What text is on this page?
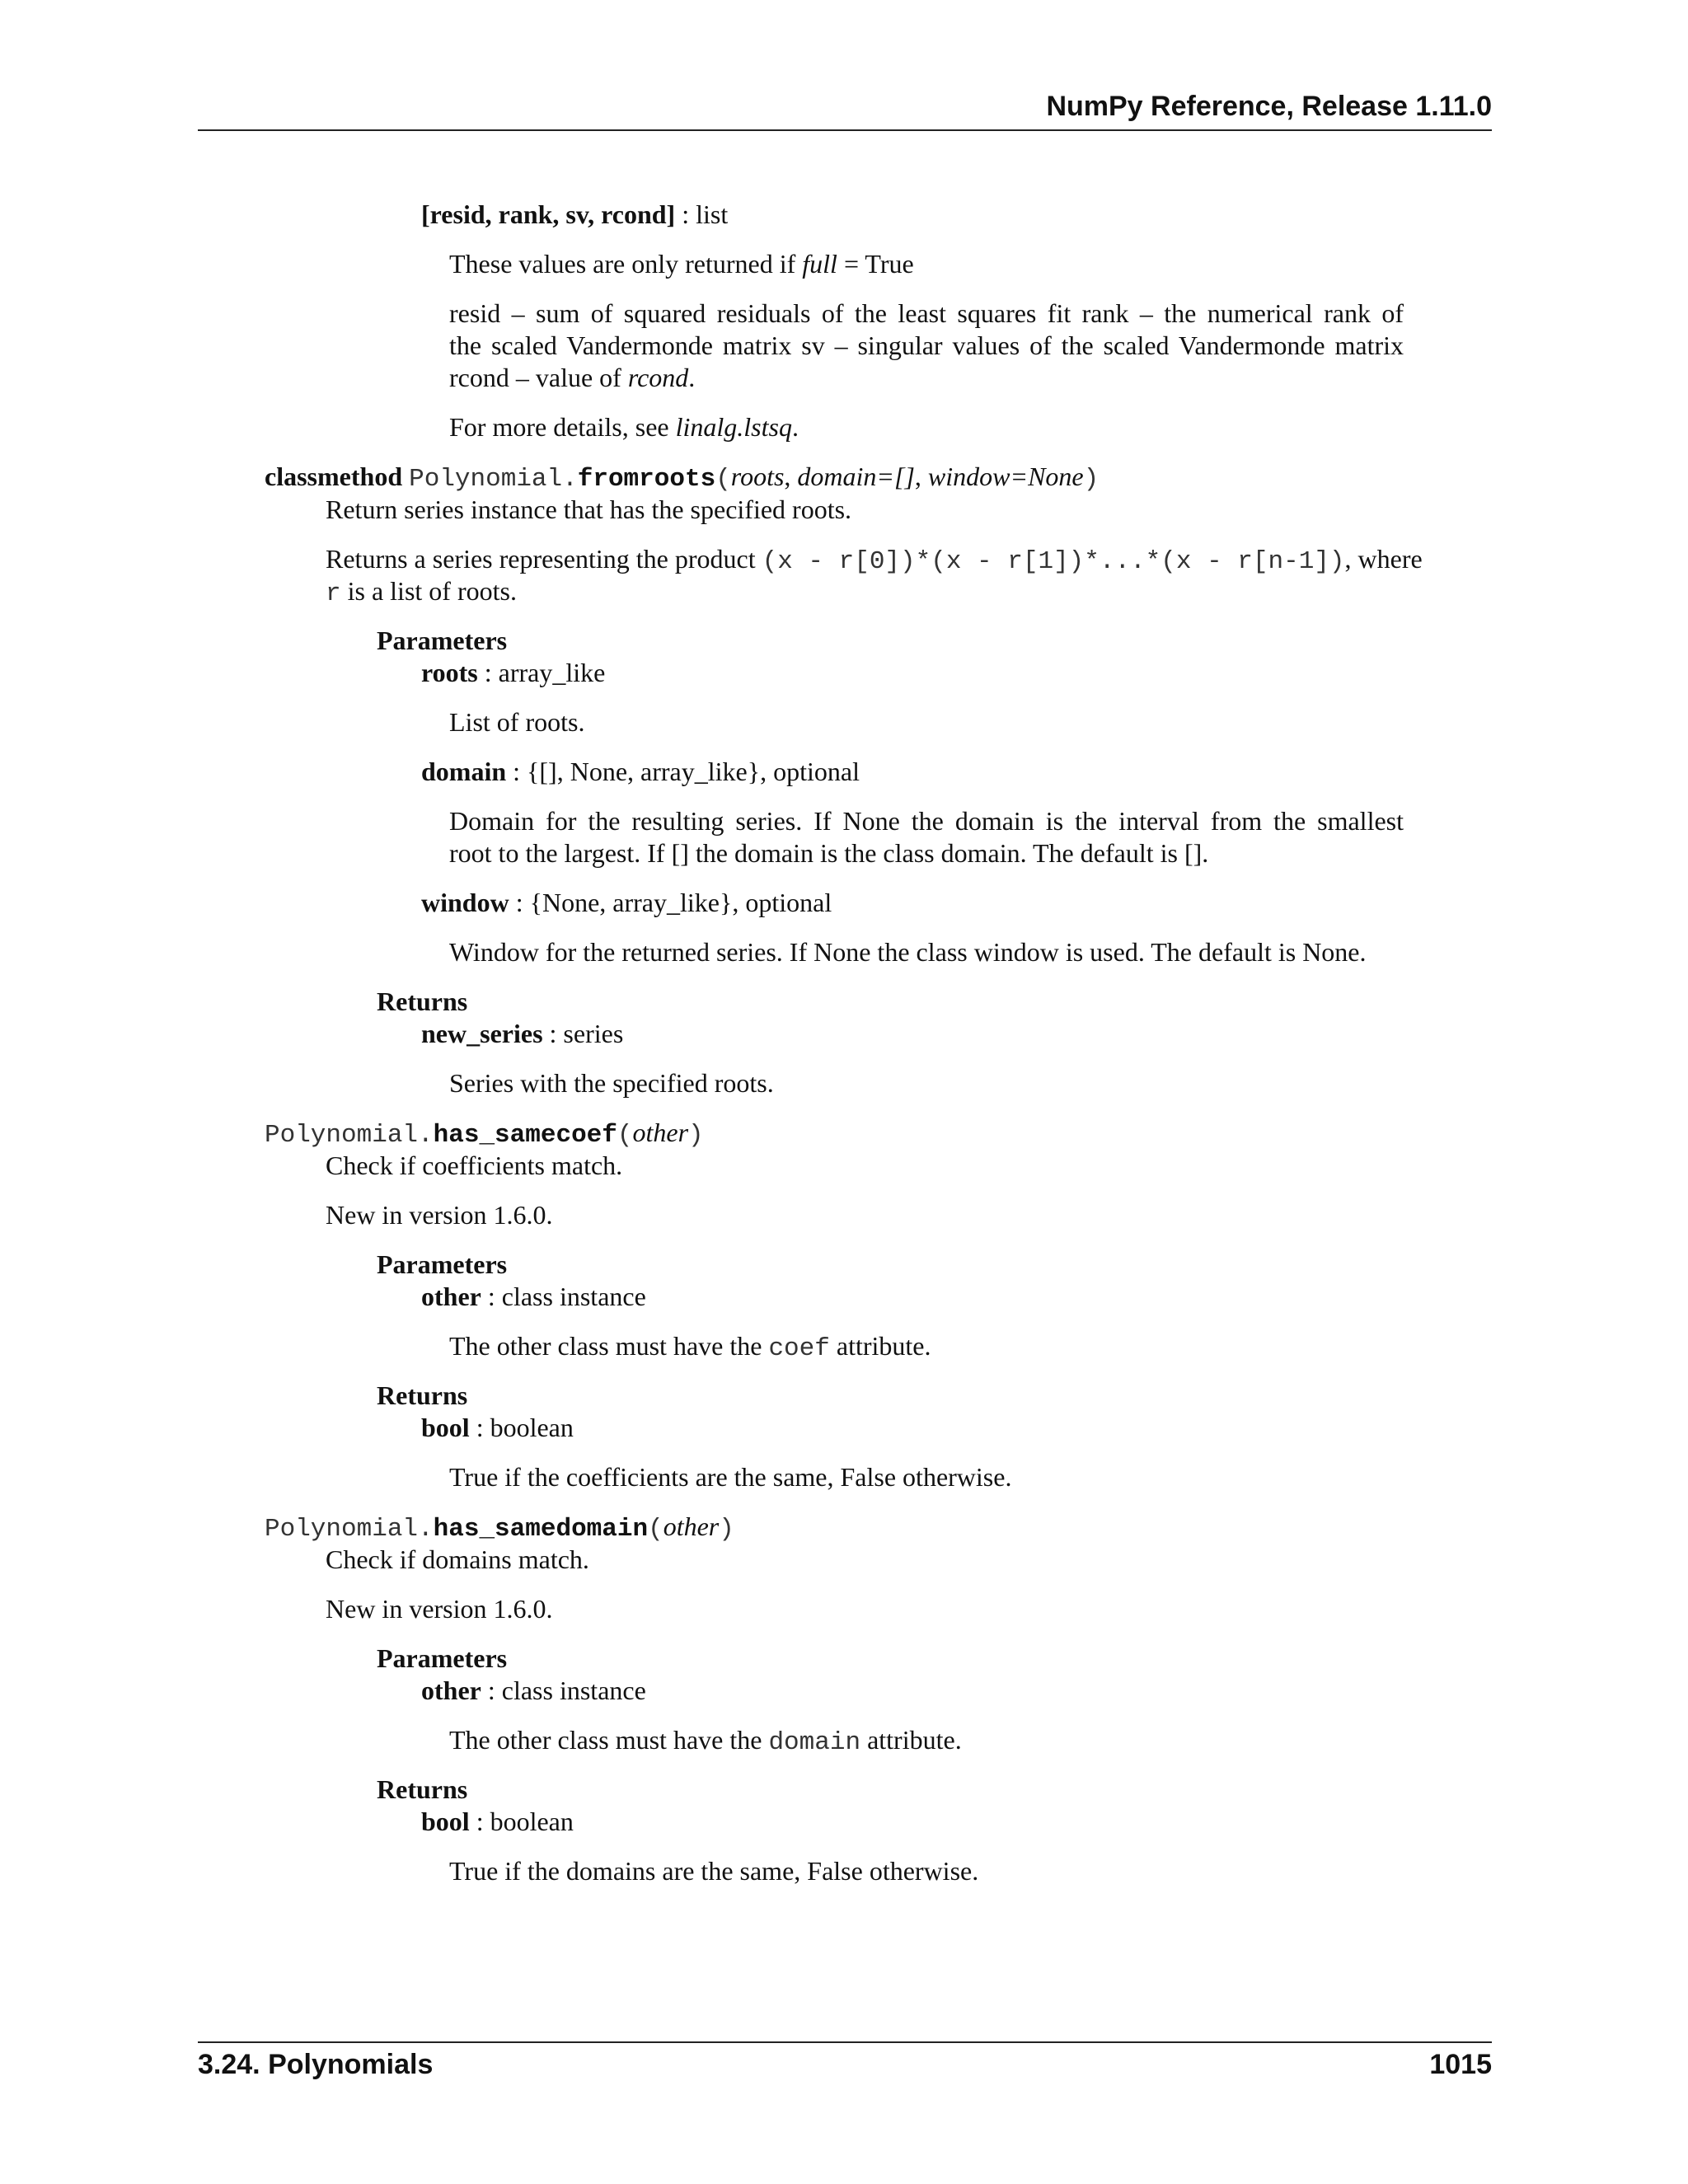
NumPy Reference, Release 1.11.0
[resid, rank, sv, rcond] : list
These values are only returned if full = True
resid – sum of squared residuals of the least squares fit rank – the numerical rank of
the scaled Vandermonde matrix sv – singular values of the scaled Vandermonde matrix
rcond – value of rcond.
For more details, see linalg.lstsq.
classmethod Polynomial.fromroots(roots, domain=[], window=None)
Return series instance that has the specified roots.
Returns a series representing the product (x - r[0])*(x - r[1])*...*(x - r[n-1]), where
r is a list of roots.
Parameters
roots : array_like
List of roots.
domain : {[], None, array_like}, optional
Domain for the resulting series. If None the domain is the interval from the smallest
root to the largest. If [] the domain is the class domain. The default is [].
window : {None, array_like}, optional
Window for the returned series. If None the class window is used. The default is None.
Returns
new_series : series
Series with the specified roots.
Polynomial.has_samecoef(other)
Check if coefficients match.
New in version 1.6.0.
Parameters
other : class instance
The other class must have the coef attribute.
Returns
bool : boolean
True if the coefficients are the same, False otherwise.
Polynomial.has_samedomain(other)
Check if domains match.
New in version 1.6.0.
Parameters
other : class instance
The other class must have the domain attribute.
Returns
bool : boolean
True if the domains are the same, False otherwise.
3.24. Polynomials	1015
